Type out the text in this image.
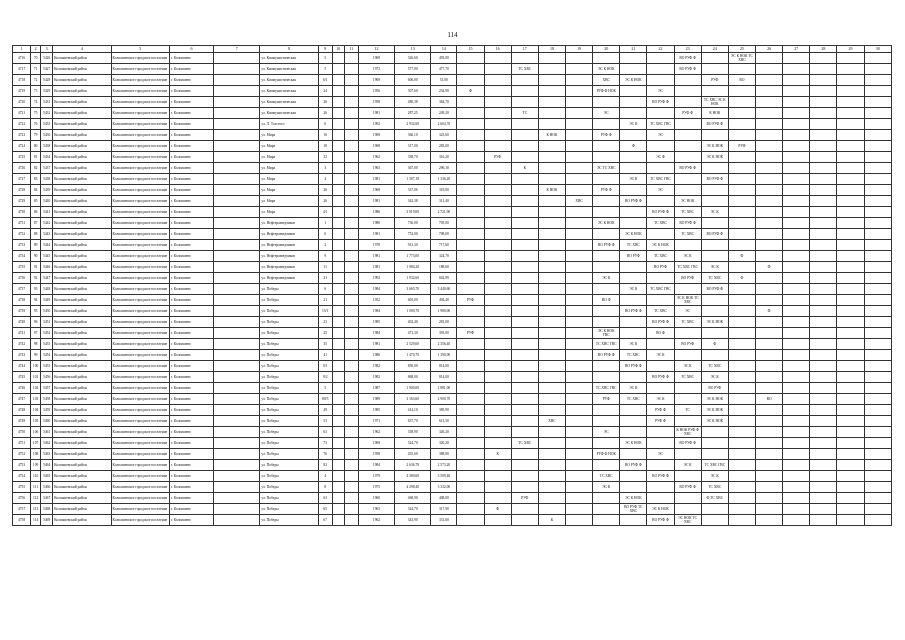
114
1	2	3	4	5	6	7	8	9	10	11	12	13	14	15	16	17	18	19	20	21	22	23	24	25	26	27	28	29	30
4716	70	5426	Колпашевский район	Колпашевское городское поселение	г. Колпашево		ул. Коммунистическая	5			1969	326,60	493,00									ВО РУФ Ф		ЭС К НОК ТС ХВС					
4717	71	5427	Колпашевский район	Колпашевское городское поселение	г. Колпашево		ул. Коммунистическая	5			1972	577,90	477,70			ТС ХВС			ЭС К НОК			ВО РУФ Ф							
4718	72	5428	Колпашевский район	Колпашевское городское поселение	г. Колпашево		ул. Коммунистическая	6/1			1969	606,00	51,00						ХВС	ЭС К НОК			РУФ	ВО					
4719	73	5429	Колпашевский район	Колпашевское городское поселение	г. Колпашево		ул. Коммунистическая	24			1956	307,60	234,90	Ф					РУФ Ф НОК		ЭС								
4720	74	5431	Колпашевский район	Колпашевское городское поселение	г. Колпашево		ул. Коммунистическая	26			1958	480,38	364,70								ВО РУФ Ф		ТС ХВС ЭС К НОК						
4721	75	5432	Колпашевский район	Колпашевское городское поселение	г. Колпашево		ул. Коммунистическая	26			1981	287,25	249,20			ТС			ЭС			РУФ Ф	К НОК						
4722	76	5433	Колпашевский район	Колпашевское городское поселение	г. Колпашево		ул. Л. Толстого	6			1992	2 932,60	2 604,70							ЭС К	ТС ХВС ГВС		ВО РУФ Ф						
4723	79	5436	Колпашевский район	Колпашевское городское поселение	г. Колпашево		ул. Мира	16			1969	366,10	323,60				К НОК		РУФ Ф		ЭС								
4724	80	5438	Колпашевский район	Колпашевское городское поселение	г. Колпашево		ул. Мира	18			1968	317,00	283,00							Ф			ЭС К НОК	РУФ					
4725	81	5434	Колпашевский район	Колпашевское городское поселение	г. Колпашево		ул. Мира	32			1962	338,70	316,20		РУФ						ЭС Ф		ЭС К НОК						
4726	82	5437	Колпашевский район	Колпашевское городское поселение	г. Колпашево		ул. Мира	3			1963	367,00	296,10			К			ЭС ТС ХВС			ВО РУФ Ф							
4727	83	5438	Колпашевский район	Колпашевское городское поселение	г. Колпашево		ул. Мира	4			1981	1 507,18	1 336,20							ЭС К	ТС ХВС ГВС		ВО РУФ Ф						
4728	84	5439	Колпашевский район	Колпашевское городское поселение	г. Колпашево		ул. Мира	26			1968	337,06	319,00				К НОК		РУФ Ф		ЭС								
4729	85	5440	Колпашевский район	Колпашевское городское поселение	г. Колпашево		ул. Мира	26			1981	342,38	311,40					ХВС		ВО РУФ Ф		ЭС НОК							
4730	86	5441	Колпашевский район	Колпашевское городское поселение	г. Колпашево		ул. Мира	4/1			1986	3 019,00	2 721,90								ВО РУФ Ф	ТС ХВС	ЭС К						
4731	87	5442	Колпашевский район	Колпашевское городское поселение	г. Колпашево		ул. Нефтеразведчиков	1			1980	736,00	705,00						ЭС К НОК		ТС ХВС	ВО РУФ Ф							
4732	88	5443	Колпашевский район	Колпашевское городское поселение	г. Колпашево		ул. Нефтеразведчиков	6			1981	752,00	708,00							ЭС К НОК		ТС ХВС	ВО РУФ Ф						
4733	89	5444	Колпашевский район	Колпашевское городское поселение	г. Колпашево		ул. Нефтеразведчиков	2			1978	913,30	717,60						ВО РУФ Ф	ТС ХВС	ЭС К НОК								
4734	90	5445	Колпашевский район	Колпашевское городское поселение	г. Колпашево		ул. Нефтеразведчиков	9			1981	1 773,00	324,70							ВО РУФ	ТС ХВС	ЭС К		Ф					
4735	91	5446	Колпашевский район	Колпашевское городское поселение	г. Колпашево		ул. Нефтеразведчиков	11			1981	1 984,20	188,60								ВО РУФ	ТС ХВС ГВС	ЭС К		Ф				
4736	92	5447	Колпашевский район	Колпашевское городское поселение	г. Колпашево		ул. Нефтеразведчиков	21			1992	1 932,60	842,99						ЭС К			ВО РУФ	ТС ХВС	Ф					
4737	93	5448	Колпашевский район	Колпашевское городское поселение	г. Колпашево		ул. Победы	6			1984	3 665,70	3 440,60							ЭС К	ТС ХВС ГВС		ВО РУФ Ф						
4738	94	5449	Колпашевский район	Колпашевское городское поселение	г. Колпашево		ул. Победы	21			1952	605,00	494,40	РУФ					ВО Ф			ЭС К НОК ТС ХВС							
4739	95	5450	Колпашевский район	Колпашевское городское поселение	г. Колпашево		ул. Победы	15/1			1984	1 000,70	1 980,00							ВО РУФ Ф	ТС ХВС	ЭС			Ф				
4740	96	5451	Колпашевский район	Колпашевское городское поселение	г. Колпашево		ул. Победы	23			1985	402,40	281,00								ВО РУФ Ф	ТС ХВС	ЭС К НОК						
4741	97	5452	Колпашевский район	Колпашевское городское поселение	г. Колпашево		ул. Победы	25			1984	471,30	393,00	РУФ					ЭС К НОК ГВС		ВО Ф								
4742	98	5453	Колпашевский район	Колпашевское городское поселение	г. Колпашево		ул. Победы	35			1981	2 529,60	2 356,40						ТС ХВС ГВС	ЭС К		ВО РУФ	Ф						
4743	99	5454	Колпашевский район	Колпашевское городское поселение	г. Колпашево		ул. Победы	41			1986	1 470,70	1 390,00						ВО РУФ Ф	ТС ХВС	ЭС К								
4744	100	5455	Колпашевский район	Колпашевское городское поселение	г. Колпашево		ул. Победы	9/1			1982	850,00	814,00							ВО РУФ Ф		ЭС К	ТС ХВС						
4745	101	5456	Колпашевский район	Колпашевское городское поселение	г. Колпашево		ул. Победы	9/2			1982	868,00	814,00								ВО РУФ Ф	ТС ХВС	ЭС К						
4746	102	5457	Колпашевский район	Колпашевское городское поселение	г. Колпашево		ул. Победы	5			1987	1 900,00	1 881,00						ТС ХВС ГВС	ЭС К			ВО РУФ						
4747	103	5458	Колпашевский район	Колпашевское городское поселение	г. Колпашево		ул. Победы	80/5			1989	3 163,60	2 900,70						РУФ	ТС ХВС	ЭС К		ЭС К НОК		ВО				
4748	104	5459	Колпашевский район	Колпашевское городское поселение	г. Колпашево		ул. Победы	49			1985	414,10	385,90								РУФ Ф	ТС	ЭС К НОК						
4749	105	5460	Колпашевский район	Колпашевское городское поселение	г. Колпашево		ул. Победы	53			1971	637,70	613,50				ХВС				РУФ Ф		ЭС К НОК						
4750	106	5461	Колпашевский район	Колпашевское городское поселение	г. Колпашево		ул. Победы	63			1962	358,90	326,20						ЭС			К НОК РУФ Ф ХВС							
4751	107	5462	Колпашевский район	Колпашевское городское поселение	г. Колпашево		ул. Победы	73			1969	324,70	320,20			ТС ХВС				ЭС К НОК		ВО РУФ Ф							
4752	108	5463	Колпашевский район	Колпашевское городское поселение	г. Колпашево		ул. Победы	76			1958	435,60	388,80		К				РУФ Ф НОК		ЭС								
4753	109	5464	Колпашевский район	Колпашевское городское поселение	г. Колпашево		ул. Победы	82			1984	2 636,78	2 573,20							ВО РУФ Ф		ЭС К	ТС ХВС ГВС						
4754	110	5465	Колпашевский район	Колпашевское городское поселение	г. Колпашево		ул. Победы	4			1979	4 380,60	3 509,40						ТС ХВС		ВО РУФ Ф		ЭС К						
4755	111	5466	Колпашевский район	Колпашевское городское поселение	г. Колпашево		ул. Победы	8			1975	4 298,40	3 332,00						ЭС К			ВО РУФ Ф	ТС ХВС						
4756	112	5467	Колпашевский район	Колпашевское городское поселение	г. Колпашево		ул. Победы	63			1960	468,90	408,00			РУФ				ЭС К НОК			Ф ТС ХВС						
4757	113	5468	Колпашевский район	Колпашевское городское поселение	г. Колпашево		ул. Победы	65			1963	324,70	317,90		Ф					ВО РУФ ТС ХВС	ЭС К НОК								
4758	114	5469	Колпашевский район	Колпашевское городское поселение	г. Колпашево		ул. Победы	67			1962	343,90	331,60				К				ВО РУФ Ф	ЭС НОК ТС ХВС							
